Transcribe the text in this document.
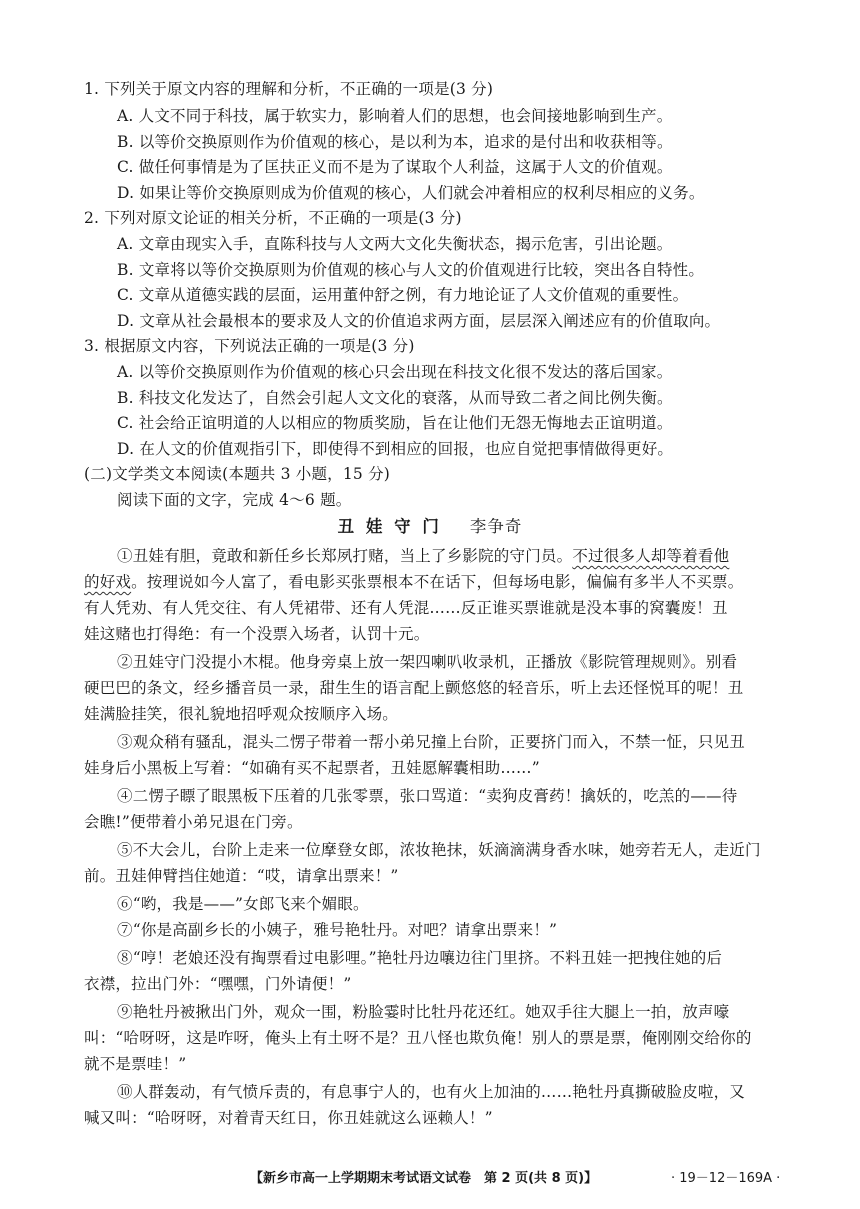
1. 下列关于原文内容的理解和分析，不正确的一项是(3 分)
A. 人文不同于科技，属于软实力，影响着人们的思想，也会间接地影响到生产。
B. 以等价交换原则作为价值观的核心，是以利为本，追求的是付出和收获相等。
C. 做任何事情是为了匡扶正义而不是为了谋取个人利益，这属于人文的价值观。
D. 如果让等价交换原则成为价值观的核心，人们就会冲着相应的权利尽相应的义务。
2. 下列对原文论证的相关分析，不正确的一项是(3 分)
A. 文章由现实入手，直陈科技与人文两大文化失衡状态，揭示危害，引出论题。
B. 文章将以等价交换原则为价值观的核心与人文的价值观进行比较，突出各自特性。
C. 文章从道德实践的层面，运用董仲舒之例，有力地论证了人文价值观的重要性。
D. 文章从社会最根本的要求及人文的价值追求两方面，层层深入阐述应有的价值取向。
3. 根据原文内容，下列说法正确的一项是(3 分)
A. 以等价交换原则作为价值观的核心只会出现在科技文化很不发达的落后国家。
B. 科技文化发达了，自然会引起人文文化的衰落，从而导致二者之间比例失衡。
C. 社会给正谊明道的人以相应的物质奖励，旨在让他们无怨无悔地去正谊明道。
D. 在人文的价值观指引下，即使得不到相应的回报，也应自觉把事情做得更好。
(二)文学类文本阅读(本题共 3 小题，15 分)
阅读下面的文字，完成 4～6 题。
丑 娃 守 门 李争奇
①丑娃有胆，竟敢和新任乡长郑夙打赌，当上了乡影院的守门员。不过很多人却等着看他
的好戏。按理说如今人富了，看电影买张票根本不在话下，但每场电影，偏偏有多半人不买票。
有人凭劝、有人凭交往、有人凭裙带、还有人凭混……反正谁买票谁就是没本事的窝囊废！丑
娃这赌也打得绝：有一个没票入场者，认罚十元。
②丑娃守门没提小木棍。他身旁桌上放一架四喇叭收录机，正播放《影院管理规则》。别看
硬巴巴的条文，经乡播音员一录，甜生生的语言配上颤悠悠的轻音乐，听上去还怪悦耳的呢！丑
娃满脸挂笑，很礼貌地招呼观众按顺序入场。
③观众稍有骚乱，混头二愣子带着一帮小弟兄撞上台阶，正要挤门而入，不禁一怔，只见丑
娃身后小黑板上写着：“如确有买不起票者，丑娃愿解囊相助……”
④二愣子瞟了眼黑板下压着的几张零票，张口骂道：“卖狗皮膏药！擒妖的，吃羔的——待
会瞧!”便带着小弟兄退在门旁。
⑤不大会儿，台阶上走来一位摩登女郎，浓妆艳抹，妖滴滴满身香水味，她旁若无人，走近门
前。丑娃伸臂挡住她道：“哎，请拿出票来！”
⑥“哟，我是——”女郎飞来个媚眼。
⑦“你是高副乡长的小姨子，雅号艳牡丹。对吧？请拿出票来！”
⑧“哼！老娘还没有掏票看过电影哩。”艳牡丹边嚷边往门里挤。不料丑娃一把拽住她的后
衣襟，拉出门外：“嘿嘿，门外请便！”
⑨艳牡丹被揪出门外，观众一围，粉脸霎时比牡丹花还红。她双手往大腿上一拍，放声嚎
叫：“哈呀呀，这是咋呀，俺头上有土呀不是？丑八怪也欺负俺！别人的票是票，俺刚刚交给你的
就不是票哇！”
⑩人群轰动，有气愤斥责的，有息事宁人的，也有火上加油的……艳牡丹真撕破脸皮啦，又
喊又叫：“哈呀呀，对着青天红日，你丑娃就这么诬赖人！”
【新乡市高一上学期期末考试语文试卷　第 2 页(共 8 页)】	· 19－12－169A ·
